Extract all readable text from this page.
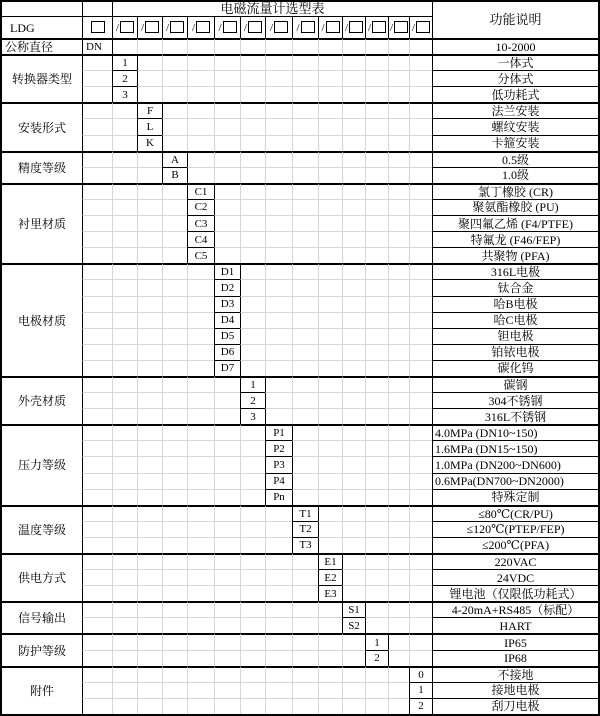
		电磁流量计选型表													功能说明
LDG		/	/	/	/	/	/	/	/	/	/	/	/	/	
公称直径	DN														10-2000
转换器类型		1													一体式
		2													分体式
		3													低功耗式
安装形式			F												法兰安装
			L												螺纹安装
			K												卡箍安装
精度等级				A											0.5级
				B											1.0级
衬里材质					C1										氯丁橡胶 (CR)
					C2										聚氨酯橡胶 (PU)
					C3										聚四氟乙烯 (F4/PTFE)
					C4										特氟龙 (F46/FEP)
					C5										共聚物 (PFA)
电极材质						D1									316L电极
						D2									钛合金
						D3									哈B电极
						D4									哈C电极
						D5									钽电极
						D6									铂铱电极
						D7									碳化钨
外壳材质							1								碳钢
							2								304不锈钢
							3								316L不锈钢
压力等级								P1							4.0MPa (DN10~150)
								P2							1.6MPa (DN15~150)
								P3							1.0MPa (DN200~DN600)
								P4							0.6MPa(DN700~DN2000)
								Pn							特殊定制
温度等级									T1						≤80℃(CR/PU)
									T2						≤120℃(PTEP/FEP)
									T3						≤200℃(PFA)
供电方式										E1					220VAC
										E2					24VDC
										E3					锂电池（仅限低功耗式）
信号输出											S1				4-20mA+RS485（标配）
											S2				HART
防护等级												1			IP65
												2			IP68
附件														0	不接地
														1	接地电极
														2	刮刀电极
